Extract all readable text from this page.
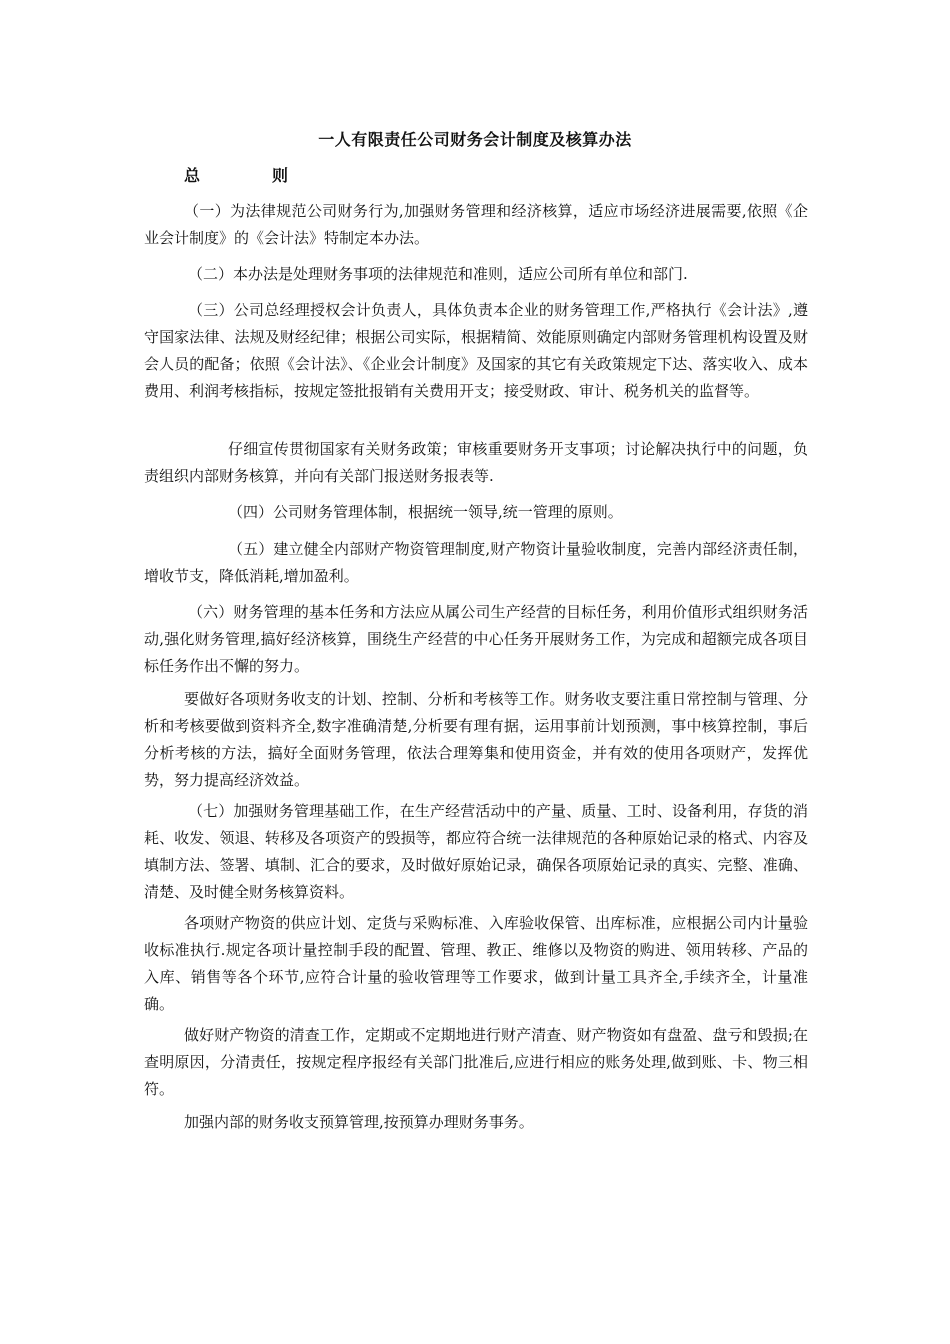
一人有限责任公司财务会计制度及核算办法
总	则

（一）为法律规范公司财务行为,加强财务管理和经济核算，适应市场经济进展需要,依照《企业会计制度》的《会计法》特制定本办法。

（二）本办法是处理财务事项的法律规范和准则，适应公司所有单位和部门.

（三）公司总经理授权会计负责人，具体负责本企业的财务管理工作,严格执行《会计法》,遵守国家法律、法规及财经纪律；根据公司实际，根据精简、效能原则确定内部财务管理机构设置及财会人员的配备；依照《会计法》、《企业会计制度》及国家的其它有关政策规定下达、落实收入、成本费用、利润考核指标，按规定签批报销有关费用开支；接受财政、审计、税务机关的监督等。

仔细宣传贯彻国家有关财务政策；审核重要财务开支事项；讨论解决执行中的问题，负责组织内部财务核算，并向有关部门报送财务报表等.

（四）公司财务管理体制，根据统一领导,统一管理的原则。

（五）建立健全内部财产物资管理制度,财产物资计量验收制度，完善内部经济责任制，增收节支，降低消耗,增加盈利。

（六）财务管理的基本任务和方法应从属公司生产经营的目标任务，利用价值形式组织财务活动,强化财务管理,搞好经济核算，围绕生产经营的中心任务开展财务工作，为完成和超额完成各项目标任务作出不懈的努力。

要做好各项财务收支的计划、控制、分析和考核等工作。财务收支要注重日常控制与管理、分析和考核要做到资料齐全,数字准确清楚,分析要有理有据，运用事前计划预测，事中核算控制，事后分析考核的方法，搞好全面财务管理，依法合理筹集和使用资金，并有效的使用各项财产，发挥优势，努力提高经济效益。

（七）加强财务管理基础工作，在生产经营活动中的产量、质量、工时、设备利用，存货的消耗、收发、领退、转移及各项资产的毁损等，都应符合统一法律规范的各种原始记录的格式、内容及填制方法、签署、填制、汇合的要求，及时做好原始记录，确保各项原始记录的真实、完整、准确、清楚、及时健全财务核算资料。

各项财产物资的供应计划、定货与采购标准、入库验收保管、出库标准，应根据公司内计量验收标准执行.规定各项计量控制手段的配置、管理、教正、维修以及物资的购进、领用转移、产品的入库、销售等各个环节,应符合计量的验收管理等工作要求，做到计量工具齐全,手续齐全，计量准确。

做好财产物资的清查工作，定期或不定期地进行财产清查、财产物资如有盘盈、盘亏和毁损;在查明原因，分清责任，按规定程序报经有关部门批准后,应进行相应的账务处理,做到账、卡、物三相符。

加强内部的财务收支预算管理,按预算办理财务事务。
